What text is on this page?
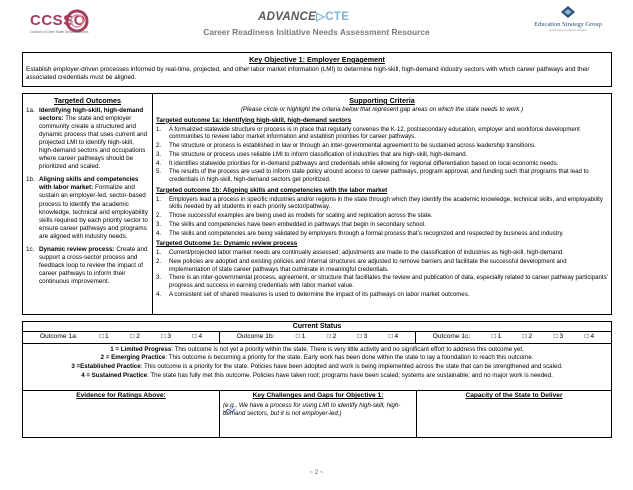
CCSSO
Council of Chief State School Officers
ADVANCE▷CTE
Career Readiness Initiative Needs Assessment Resource
Education Strategy Group
Achieving Common Impact
Key Objective 1: Employer Engagement
Establish employer-driven processes informed by real-time, projected, and other labor market information (LMI) to determine high-skill, high-demand industry sectors with which career pathways and their associated credentials must be aligned.
Targeted Outcomes
1a. Identifying high-skill, high-demand sectors: The state and employer community create a structured and dynamic process that uses current and projected LMI to identify high-skill, high-demand sectors and occupations where career pathways should be prioritized and scaled.
1b. Aligning skills and competencies with labor market: Formalize and sustain an employer-led, sector-based process to identify the academic knowledge, technical and employability skills required by each priority sector to ensure career pathways and programs are aligned with industry needs.
1c. Dynamic review process: Create and support a cross-sector process and feedback loop to review the impact of career pathways to inform their continuous improvement.
Supporting Criteria
(Please circle or highlight the criteria below that represent gap areas on which the state needs to work.)
Targeted outcome 1a: Identifying high-skill, high-demand sectors
1.	A formalized statewide structure or process is in place that regularly convenes the K-12, postsecondary education, employer and workforce development communities to review labor market information and establish priorities for career pathways.
2.	The structure or process is established in law or through an inter-governmental agreement to be sustained across leadership transitions.
3.	The structure or process uses reliable LMI to inform classification of industries that are high-skill, high-demand.
4.	It identifies statewide priorities for in-demand pathways and credentials while allowing for regional differentiation based on local economic needs.
5.	The results of the process are used to inform state policy around access to career pathways, program approval, and funding such that programs that lead to credentials in high-skill, high-demand sectors get prioritized.
Targeted outcome 1b: Aligning skills and competencies with the labor market
1.	Employers lead a process in specific industries and/or regions in the state through which they identify the academic knowledge, technical skills, and employability skills needed by all students in each priority sector/pathway.
2.	Those successful examples are being used as models for scaling and replication across the state.
3.	The skills and competencies have been embedded in pathways that begin in secondary school.
4.	The skills and competencies are being validated by employers through a formal process that’s recognized and respected by business and industry.
Targeted Outcome 1c: Dynamic review process
1.	Current/projected labor market needs are continually assessed; adjustments are made to the classification of industries as high-skill, high-demand.
2.	New policies are adopted and existing policies and internal structures are adjusted to remove barriers and facilitate the successful development and implementation of state career pathways that culminate in meaningful credentials.
3.	There is an inter-governmental process, agreement, or structure that facilitates the review and publication of data, especially related to career pathway participants’ progress and success in earning credentials with labor market value.
4.	A consistent set of shared measures is used to determine the impact of its pathways on labor market outcomes.
Current Status
Outcome 1a:	□ 1	□ 2	□ 3	□ 4	Outcome 1b:	□ 1	□ 2	□ 3	□ 4	Outcome 1c:	□ 1	□ 2	□ 3	□ 4
1 = Limited Progress: This outcome is not yet a priority within the state. There is very little activity and no significant effort to address this outcome yet.
2 = Emerging Practice: This outcome is becoming a priority for the state. Early work has been done within the state to lay a foundation to reach this outcome.
3 =Established Practice: This outcome is a priority for the state. Policies have been adopted and work is being implemented across the state that can be strengthened and scaled.
4 = Sustained Practice: The state has fully met this outcome. Policies have taken root; programs have been scaled; systems are sustainable; and no major work is needed.
Evidence for Ratings Above:	Key Challenges and Gaps for Objective 1:
(e.g., We have a process for using LMI to identify high-skill, high-demand sectors, but it is not employer-led.)
Capacity of the State to Deliver
~ 2 ~
